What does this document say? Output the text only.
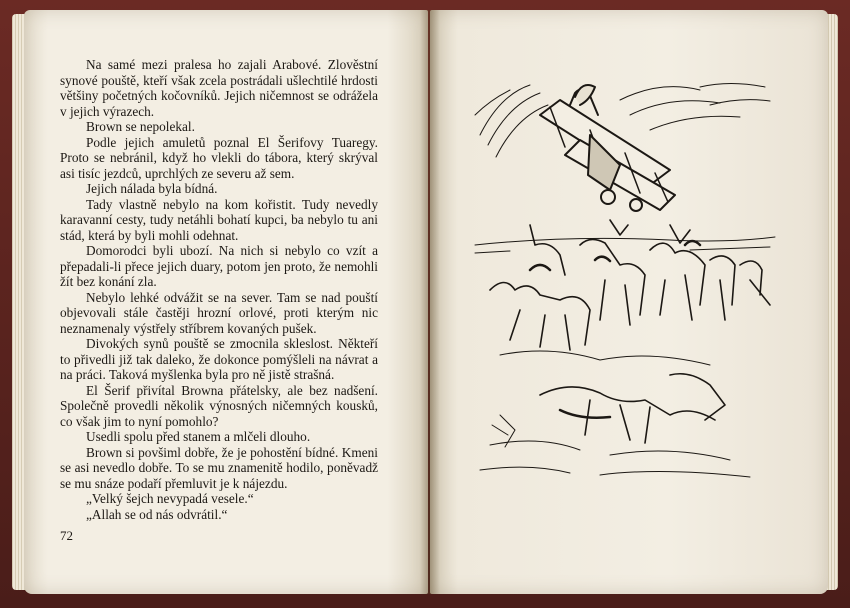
Na samé mezi pralesa ho zajali Arabové. Zlověstní synové pouště, kteří však zcela postrádali ušlechtilé hrdosti většiny početných kočovníků. Jejich ničemnost se odrážela v jejich výrazech.

Brown se nepolekal.

Podle jejich amuletů poznal El Šerifovy Tuaregy. Proto se nebránil, když ho vlekli do tábora, který skrýval asi tisíc jezdců, uprchlých ze severu až sem.

Jejich nálada byla bídná.

Tady vlastně nebylo na kom kořistit. Tudy nevedly karavanní cesty, tudy netáhli bohatí kupci, ba nebylo tu ani stád, která by byli mohli odehnat.

Domorodci byli ubozí. Na nich si nebylo co vzít a přepadali-li přece jejich duary, potom jen proto, že nemohli žít bez konání zla.

Nebylo lehké odvážit se na sever. Tam se nad pouští objevovali stále častěji hrozní orlové, proti kterým nic neznamenaly výstřely stříbrem kovaných pušek.

Divokých synů pouště se zmocnila skleslost. Někteří to přivedli již tak daleko, že dokonce pomýšleli na návrat a na práci. Taková myšlenka byla pro ně jistě strašná.

El Šerif přivítal Browna přátelsky, ale bez nadšení. Společně provedli několik výnosných ničemných kousků, co však jim to nyní pomohlo?

Usedli spolu před stanem a mlčeli dlouho.

Brown si povšiml dobře, že je pohostění bídné. Kmeni se asi nevedlo dobře. To se mu znamenitě hodilo, poněvadž se mu snáze podaří přemluvit je k nájezdu.

„Velký šejch nevypadá vesele.“

„Allah se od nás odvrátil.“

72
